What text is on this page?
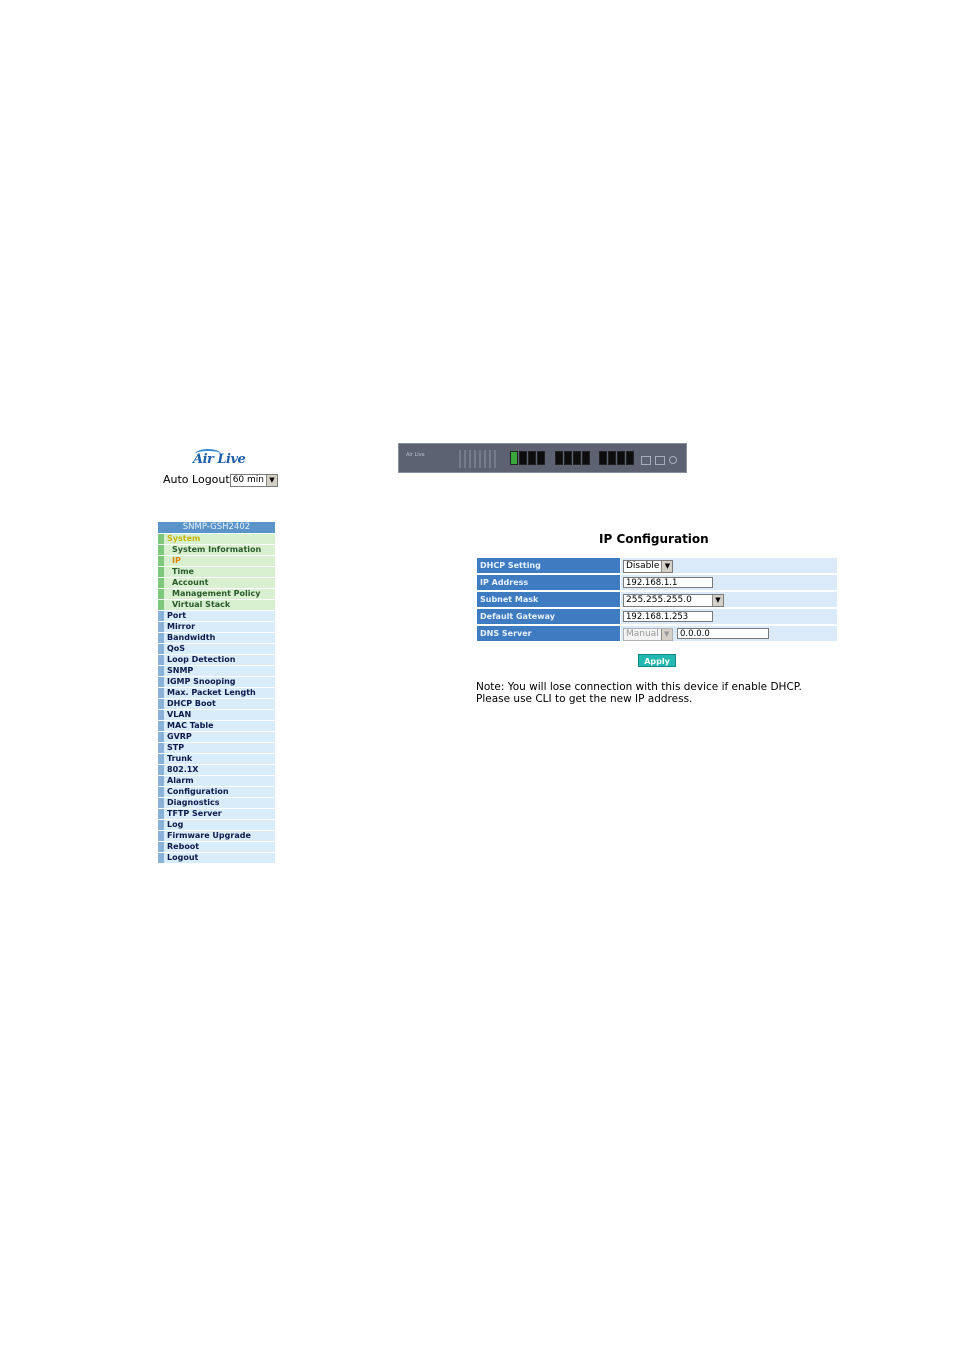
Air Live
Auto Logout 60 min ▼
Air Live
SNMP-GSH2402
System
System Information
IP
Time
Account
Management Policy
Virtual Stack
Port
Mirror
Bandwidth
QoS
Loop Detection
SNMP
IGMP Snooping
Max. Packet Length
DHCP Boot
VLAN
MAC Table
GVRP
STP
Trunk
802.1X
Alarm
Configuration
Diagnostics
TFTP Server
Log
Firmware Upgrade
Reboot
Logout
IP Configuration
DHCP Setting	Disable ▼
IP Address	192.168.1.1
Subnet Mask	255.255.255.0	▼
Default Gateway	192.168.1.253
DNS Server	Manual ▼	0.0.0.0
Apply
Note: You will lose connection with this device if enable DHCP.
Please use CLI to get the new IP address.
